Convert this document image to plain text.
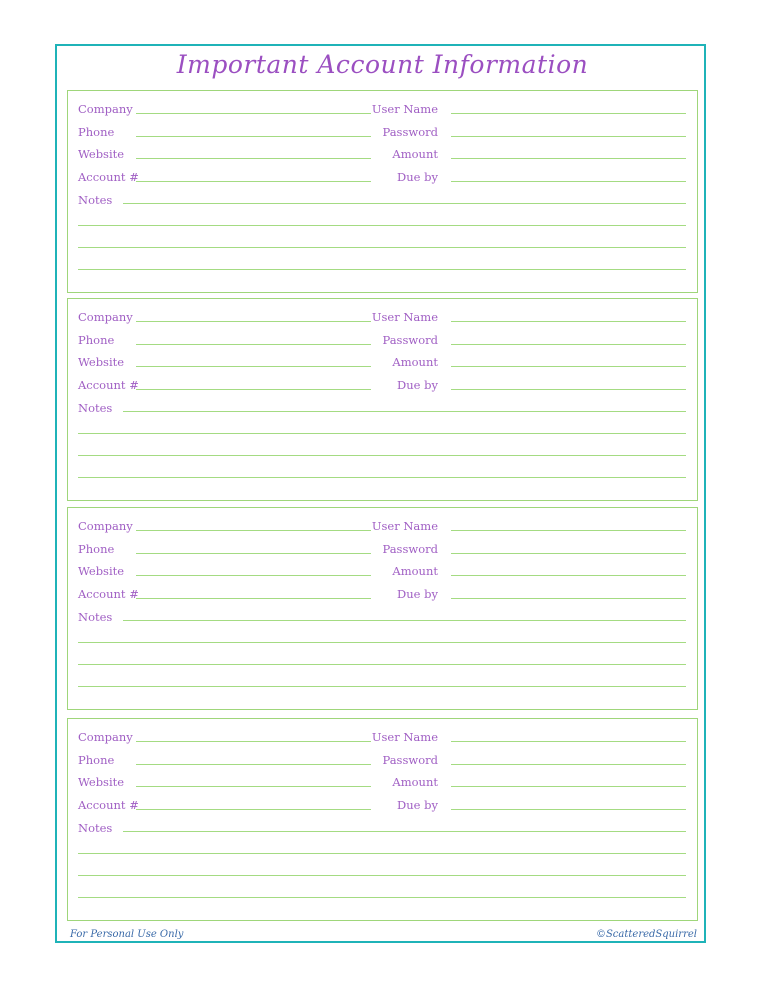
Important Account Information
Company	User Name
Phone	Password
Website	Amount
Account #	Due by
Notes
Company	User Name
Phone	Password
Website	Amount
Account #	Due by
Notes
Company	User Name
Phone	Password
Website	Amount
Account #	Due by
Notes
Company	User Name
Phone	Password
Website	Amount
Account #	Due by
Notes
For Personal Use Only	©ScatteredSquirrel
